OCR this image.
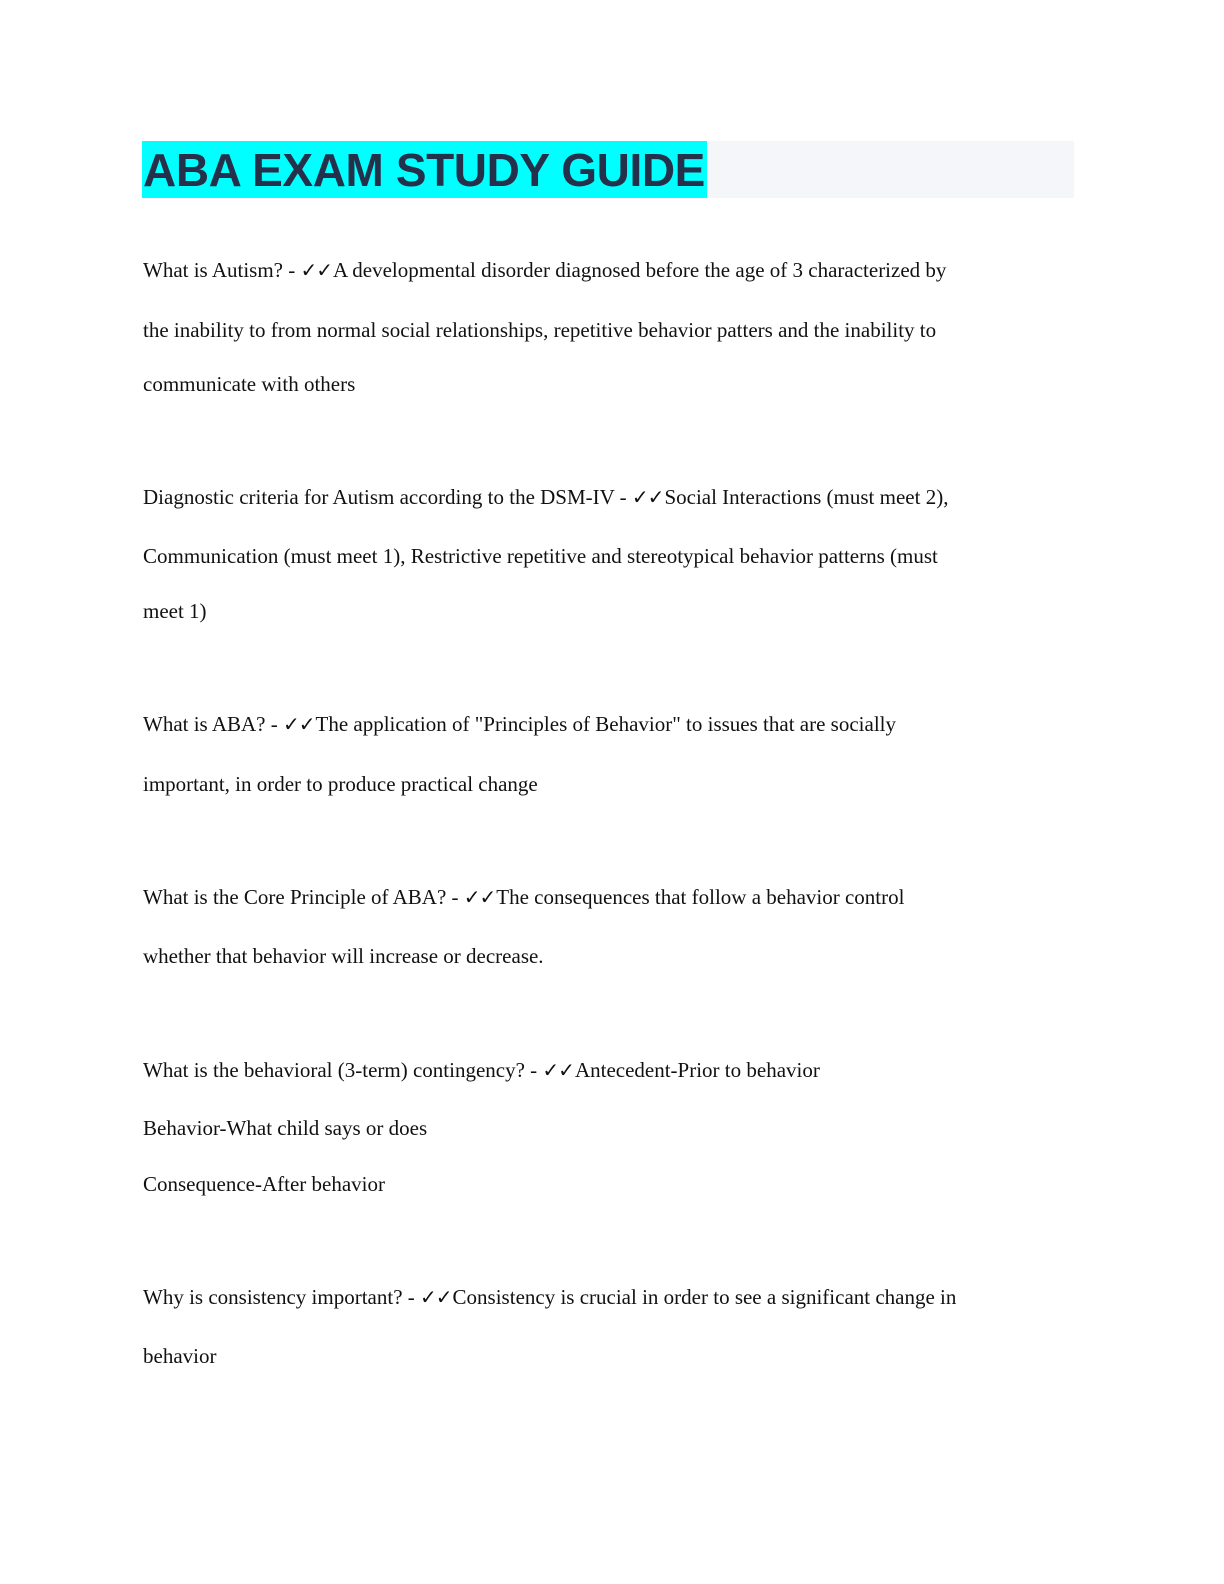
ABA EXAM STUDY GUIDE
What is Autism? - ✓✓A developmental disorder diagnosed before the age of 3 characterized by
the inability to from normal social relationships, repetitive behavior patters and the inability to
communicate with others
Diagnostic criteria for Autism according to the DSM-IV - ✓✓Social Interactions (must meet 2),
Communication (must meet 1), Restrictive repetitive and stereotypical behavior patterns (must
meet 1)
What is ABA? - ✓✓The application of "Principles of Behavior" to issues that are socially
important, in order to produce practical change
What is the Core Principle of ABA? - ✓✓The consequences that follow a behavior control
whether that behavior will increase or decrease.
What is the behavioral (3-term) contingency? - ✓✓Antecedent-Prior to behavior
Behavior-What child says or does
Consequence-After behavior
Why is consistency important? - ✓✓Consistency is crucial in order to see a significant change in
behavior
